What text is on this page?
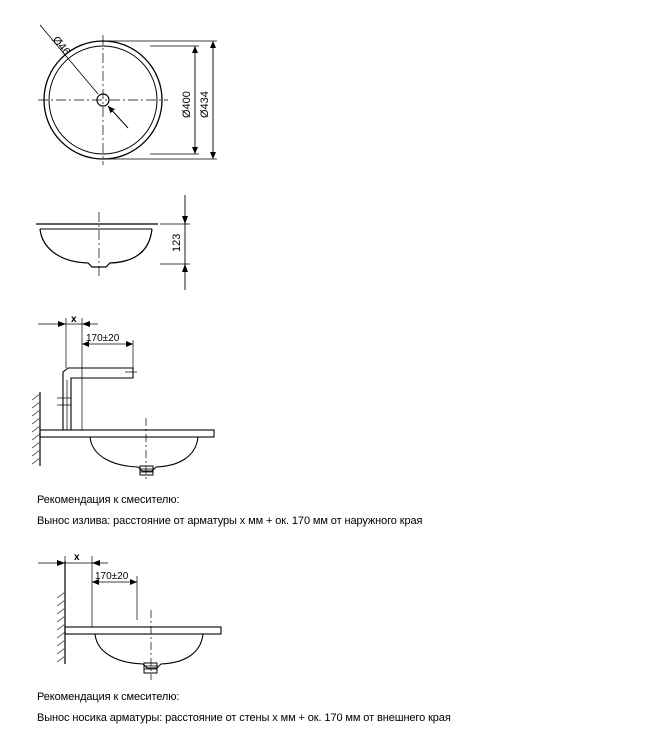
Ø46
Ø400 Ø434
123
x
170±20
x
170±20
Рекомендация к смесителю:
Вынос излива: расстояние от арматуры x мм + ок. 170 мм от наружного края
Рекомендация к смесителю:
Вынос носика арматуры: расстояние от стены x мм + ок. 170 мм от внешнего края
